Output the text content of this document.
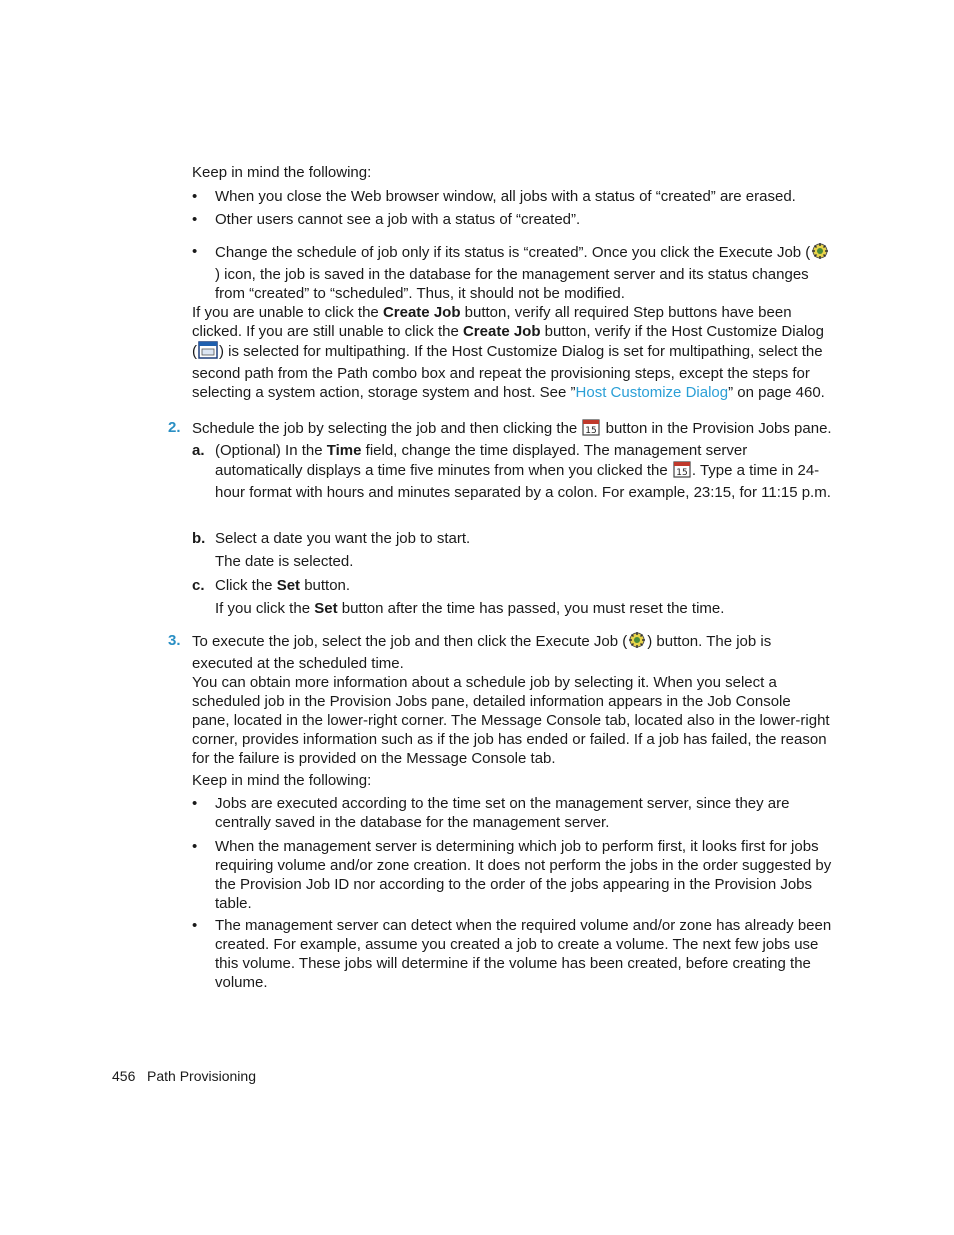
Keep in mind the following:
• When you close the Web browser window, all jobs with a status of “created” are erased.
• Other users cannot see a job with a status of “created”.
• Change the schedule of job only if its status is “created”. Once you click the Execute Job () icon, the job is saved in the database for the management server and its status changes from “created” to “scheduled”. Thus, it should not be modified.
If you are unable to click the Create Job button, verify all required Step buttons have been clicked. If you are still unable to click the Create Job button, verify if the Host Customize Dialog ( ) is selected for multipathing. If the Host Customize Dialog is set for multipathing, select the second path from the Path combo box and repeat the provisioning steps, except the steps for selecting a system action, storage system and host. See ”Host Customize Dialog” on page 460.
2. Schedule the job by selecting the job and then clicking the 15 button in the Provision Jobs pane.
a. (Optional) In the Time field, change the time displayed. The management server automatically displays a time five minutes from when you clicked the 15 . Type a time in 24-hour format with hours and minutes separated by a colon. For example, 23:15, for 11:15 p.m.
b. Select a date you want the job to start.
The date is selected.
c. Click the Set button.
If you click the Set button after the time has passed, you must reset the time.
3. To execute the job, select the job and then click the Execute Job ( ) button. The job is executed at the scheduled time.
You can obtain more information about a schedule job by selecting it. When you select a scheduled job in the Provision Jobs pane, detailed information appears in the Job Console pane, located in the lower-right corner. The Message Console tab, located also in the lower-right corner, provides information such as if the job has ended or failed. If a job has failed, the reason for the failure is provided on the Message Console tab.
Keep in mind the following:
• Jobs are executed according to the time set on the management server, since they are centrally saved in the database for the management server.
• When the management server is determining which job to perform first, it looks first for jobs requiring volume and/or zone creation. It does not perform the jobs in the order suggested by the Provision Job ID nor according to the order of the jobs appearing in the Provision Jobs table.
• The management server can detect when the required volume and/or zone has already been created. For example, assume you created a job to create a volume. The next few jobs use this volume. These jobs will determine if the volume has been created, before creating the volume.
456 Path Provisioning
